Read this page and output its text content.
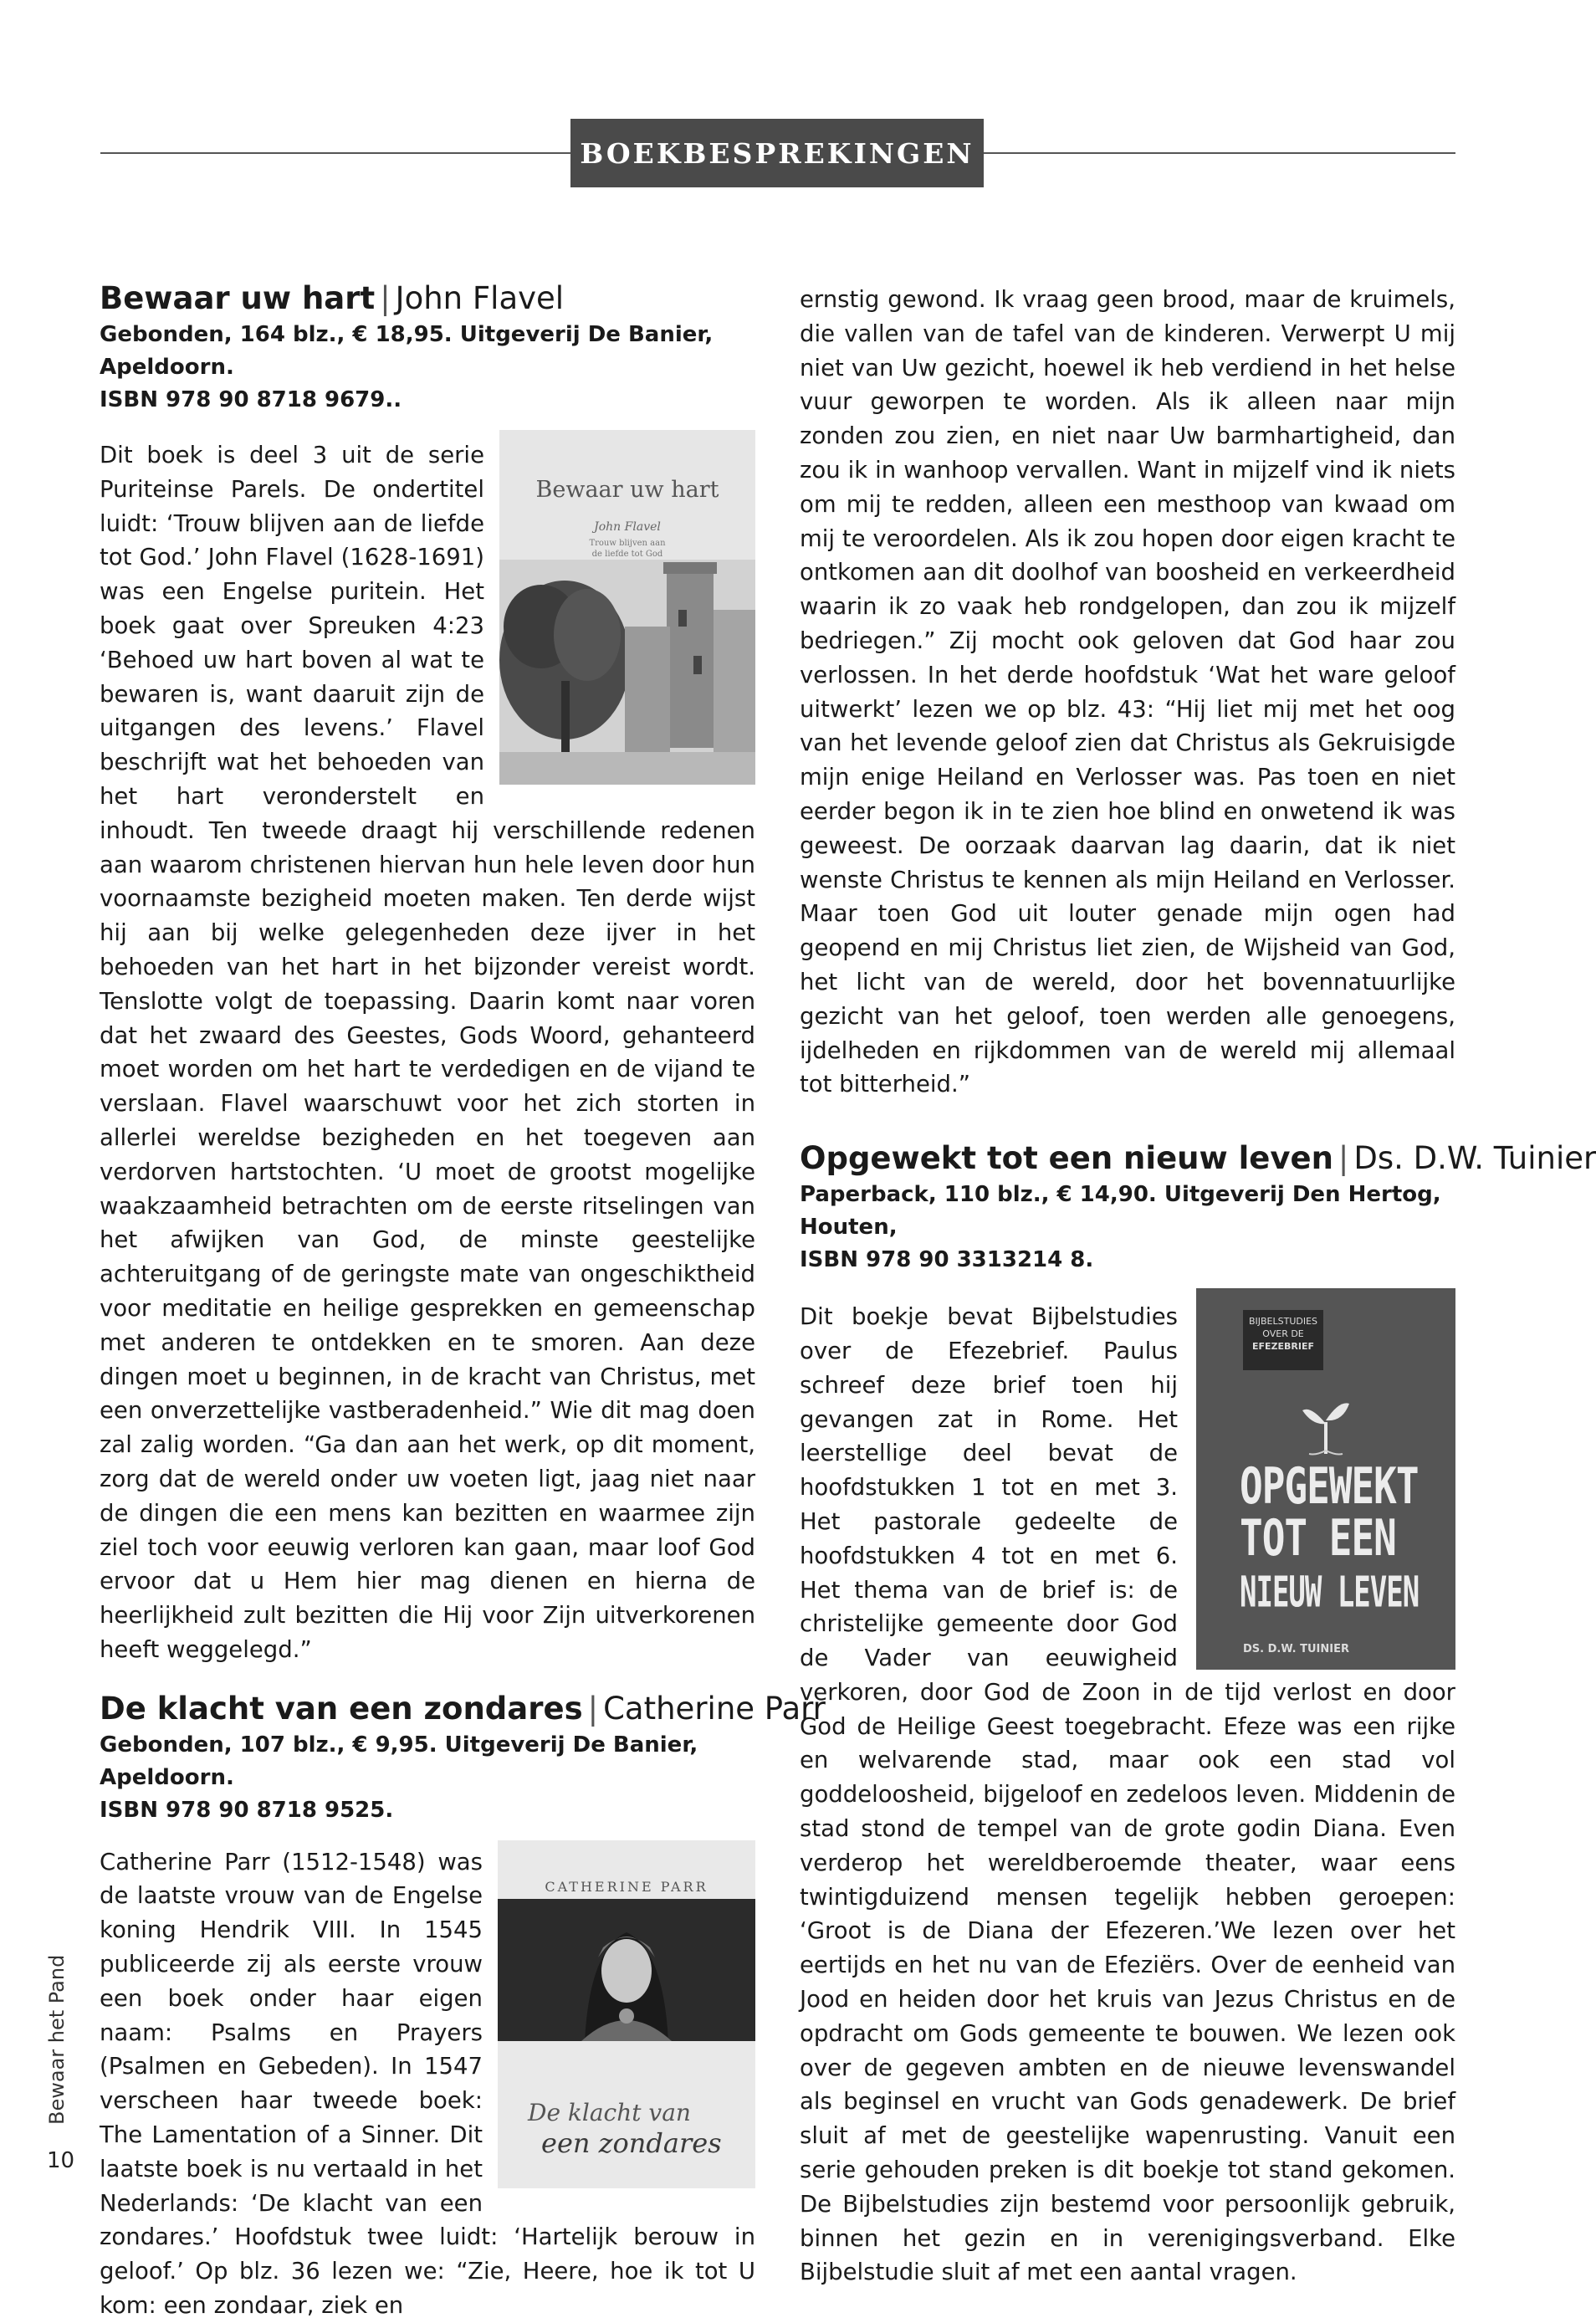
BOEKBESPREKINGEN
Bewaar uw hart | John Flavel
Gebonden, 164 blz., € 18,95. Uitgeverij De Banier, Apeldoorn.
ISBN 978 90 8718 9679..
Bewaar uw hart
John Flavel
Trouw blijven aan
de liefde tot God

Dit boek is deel 3 uit de serie Puriteinse Parels. De ondertitel luidt: ‘Trouw blijven aan de liefde tot God.’ John Flavel (1628-1691) was een Engelse puritein. Het boek gaat over Spreuken 4:23 ‘Behoed uw hart boven al wat te bewaren is, want daaruit zijn de uitgangen des levens.’ Flavel beschrijft wat het behoeden van het hart veronderstelt en inhoudt. Ten tweede draagt hij verschillende redenen aan waarom christenen hiervan hun hele leven door hun voornaamste bezigheid moeten maken. Ten derde wijst hij aan bij welke gelegenheden deze ijver in het behoeden van het hart in het bijzonder vereist wordt. Tenslotte volgt de toepassing. Daarin komt naar voren dat het zwaard des Geestes, Gods Woord, gehanteerd moet worden om het hart te verdedigen en de vijand te verslaan. Flavel waarschuwt voor het zich storten in allerlei wereldse bezigheden en het toegeven aan verdorven hartstochten. ‘U moet de grootst mogelijke waakzaamheid betrachten om de eerste ritselingen van het afwijken van God, de minste geestelijke achteruitgang of de geringste mate van ongeschiktheid voor meditatie en heilige gesprekken en gemeenschap met anderen te ontdekken en te smoren. Aan deze dingen moet u beginnen, in de kracht van Christus, met een onverzettelijke vastberadenheid.” Wie dit mag doen zal zalig worden. “Ga dan aan het werk, op dit moment, zorg dat de wereld onder uw voeten ligt, jaag niet naar de dingen die een mens kan bezitten en waarmee zijn ziel toch voor eeuwig verloren kan gaan, maar loof God ervoor dat u Hem hier mag dienen en hierna de heerlijkheid zult bezitten die Hij voor Zijn uitverkorenen heeft weggelegd.”

De klacht van een zondares | Catherine Parr
Gebonden, 107 blz., € 9,95. Uitgeverij De Banier, Apeldoorn.
ISBN 978 90 8718 9525.
CATHERINE PARR
De klacht van
een zondares

Catherine Parr (1512-1548) was de laatste vrouw van de Engelse koning Hendrik VIII. In 1545 publiceerde zij als eerste vrouw een boek onder haar eigen naam: Psalms en Prayers (Psalmen en Gebeden). In 1547 verscheen haar tweede boek: The Lamentation of a Sinner. Dit laatste boek is nu vertaald in het Nederlands: ‘De klacht van een zondares.’ Hoofdstuk twee luidt: ‘Hartelijk berouw in geloof.’ Op blz. 36 lezen we: “Zie, Heere, hoe ik tot U kom: een zondaar, ziek en

ernstig gewond. Ik vraag geen brood, maar de kruimels, die vallen van de tafel van de kinderen. Verwerpt U mij niet van Uw gezicht, hoewel ik heb verdiend in het helse vuur geworpen te worden. Als ik alleen naar mijn zonden zou zien, en niet naar Uw barmhartigheid, dan zou ik in wanhoop vervallen. Want in mijzelf vind ik niets om mij te redden, alleen een mesthoop van kwaad om mij te veroordelen. Als ik zou hopen door eigen kracht te ontkomen aan dit doolhof van boosheid en verkeerdheid waarin ik zo vaak heb rondgelopen, dan zou ik mijzelf bedriegen.” Zij mocht ook geloven dat God haar zou verlossen. In het derde hoofdstuk ‘Wat het ware geloof uitwerkt’ lezen we op blz. 43: “Hij liet mij met het oog van het levende geloof zien dat Christus als Gekruisigde mijn enige Heiland en Verlosser was. Pas toen en niet eerder begon ik in te zien hoe blind en onwetend ik was geweest. De oorzaak daarvan lag daarin, dat ik niet wenste Christus te kennen als mijn Heiland en Verlosser. Maar toen God uit louter genade mijn ogen had geopend en mij Christus liet zien, de Wijsheid van God, het licht van de wereld, door het bovennatuurlijke gezicht van het geloof, toen werden alle genoegens, ijdelheden en rijkdommen van de wereld mij allemaal tot bitterheid.”

Opgewekt tot een nieuw leven | Ds. D.W. Tuinier
Paperback, 110 blz., € 14,90. Uitgeverij Den Hertog, Houten,
ISBN 978 90 3313214 8.
BIJBELSTUDIES
OVER DE
EFEZEBRIEF
OPGEWEKT
TOT EEN
NIEUW LEVEN
DS. D.W. TUINIER

Dit boekje bevat Bijbelstudies over de Efezebrief. Paulus schreef deze brief toen hij gevangen zat in Rome. Het leerstellige deel bevat de hoofdstukken 1 tot en met 3. Het pastorale gedeelte de hoofdstukken 4 tot en met 6. Het thema van de brief is: de christelijke gemeente door God de Vader van eeuwigheid verkoren, door God de Zoon in de tijd verlost en door God de Heilige Geest toegebracht. Efeze was een rijke en welvarende stad, maar ook een stad vol goddeloosheid, bijgeloof en zedeloos leven. Middenin de stad stond de tempel van de grote godin Diana. Even verderop het wereldberoemde theater, waar eens twintigduizend mensen tegelijk hebben geroepen: ‘Groot is de Diana der Efezeren.’We lezen over het eertijds en het nu van de Efeziërs. Over de eenheid van Jood en heiden door het kruis van Jezus Christus en de opdracht om Gods gemeente te bouwen. We lezen ook over de gegeven ambten en de nieuwe levenswandel als beginsel en vrucht van Gods genadewerk. De brief sluit af met de geestelijke wapenrusting. Vanuit een serie gehouden preken is dit boekje tot stand gekomen. De Bijbelstudies zijn bestemd voor persoonlijk gebruik, binnen het gezin en in verenigingsverband. Elke Bijbelstudie sluit af met een aantal vragen.

Bewaar het Pand
10
